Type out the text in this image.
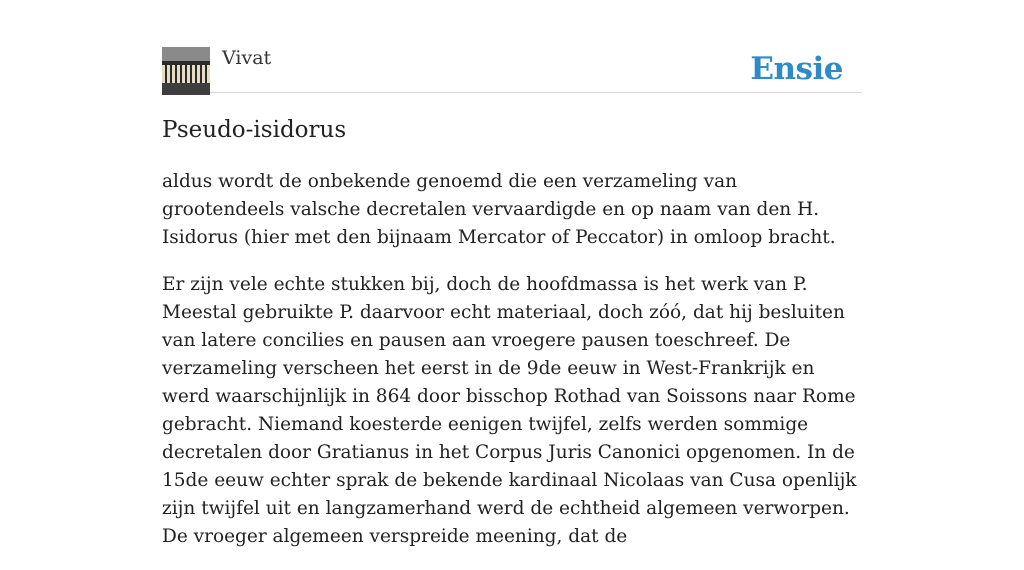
Vivat	Ensie
Pseudo-isidorus

aldus wordt de onbekende genoemd die een verzameling van grootendeels valsche decretalen vervaardigde en op naam van den H. Isidorus (hier met den bijnaam Mercator of Peccator) in omloop bracht.

Er zijn vele echte stukken bij, doch de hoofdmassa is het werk van P. Meestal gebruikte P. daarvoor echt materiaal, doch zóó, dat hij besluiten van latere concilies en pausen aan vroegere pausen toeschreef. De verzameling verscheen het eerst in de 9de eeuw in West-Frankrijk en werd waarschijnlijk in 864 door bisschop Rothad van Soissons naar Rome gebracht. Niemand koesterde eenigen twijfel, zelfs werden sommige decretalen door Gratianus in het Corpus Juris Canonici opgenomen. In de 15de eeuw echter sprak de bekende kardinaal Nicolaas van Cusa openlijk zijn twijfel uit en langzamerhand werd de echtheid algemeen verworpen. De vroeger algemeen verspreide meening, dat de
